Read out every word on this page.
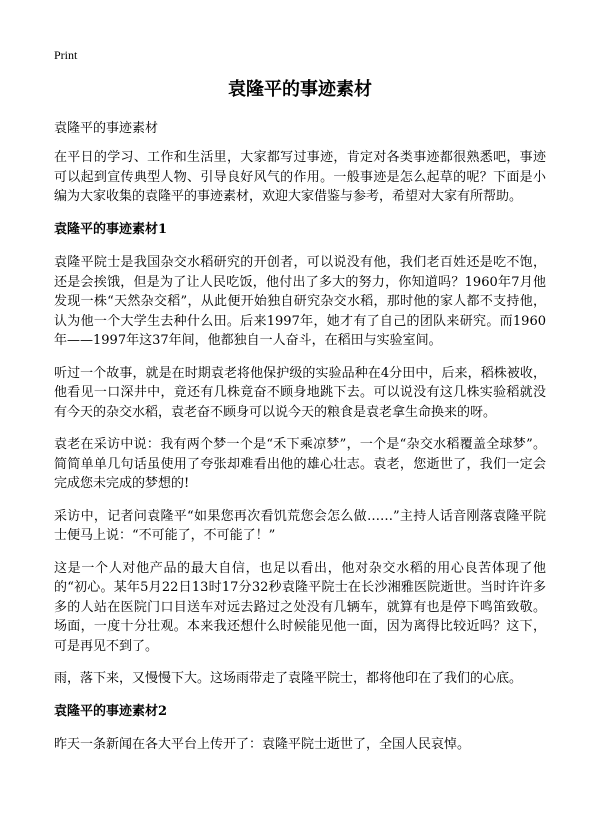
Print
袁隆平的事迹素材
袁隆平的事迹素材

在平日的学习、工作和生活里，大家都写过事迹，肯定对各类事迹都很熟悉吧，事迹可以起到宣传典型人物、引导良好风气的作用。一般事迹是怎么起草的呢？下面是小编为大家收集的袁隆平的事迹素材，欢迎大家借鉴与参考，希望对大家有所帮助。

袁隆平的事迹素材1

袁隆平院士是我国杂交水稻研究的开创者，可以说没有他，我们老百姓还是吃不饱，还是会挨饿，但是为了让人民吃饭，他付出了多大的努力，你知道吗？1960年7月他发现一株“天然杂交稻”，从此便开始独自研究杂交水稻，那时他的家人都不支持他，认为他一个大学生去种什么田。后来1997年，她才有了自己的团队来研究。而1960年——1997年这37年间，他都独自一人奋斗，在稻田与实验室间。

听过一个故事，就是在时期袁老将他保护级的实验品种在4分田中，后来，稻株被收，他看见一口深井中，竟还有几株竟奋不顾身地跳下去。可以说没有这几株实验稻就没有今天的杂交水稻，袁老奋不顾身可以说今天的粮食是袁老拿生命换来的呀。

袁老在采访中说：我有两个梦一个是“禾下乘凉梦”，一个是“杂交水稻覆盖全球梦”。简简单单几句话虽使用了夸张却难看出他的雄心壮志。袁老，您逝世了，我们一定会完成您未完成的梦想的!

采访中，记者问袁隆平“如果您再次看饥荒您会怎么做……”主持人话音刚落袁隆平院士便马上说：“不可能了，不可能了！”

这是一个人对他产品的最大自信，也足以看出，他对杂交水稻的用心良苦体现了他的“初心。某年5月22日13时17分32秒袁隆平院士在长沙湘雅医院逝世。当时许许多多的人站在医院门口目送车对远去路过之处没有几辆车，就算有也是停下鸣笛致敬。场面，一度十分壮观。本来我还想什么时候能见他一面，因为离得比较近吗？这下，可是再见不到了。

雨，落下来，又慢慢下大。这场雨带走了袁隆平院士，都将他印在了我们的心底。

袁隆平的事迹素材2

昨天一条新闻在各大平台上传开了：袁隆平院士逝世了，全国人民哀悼。
